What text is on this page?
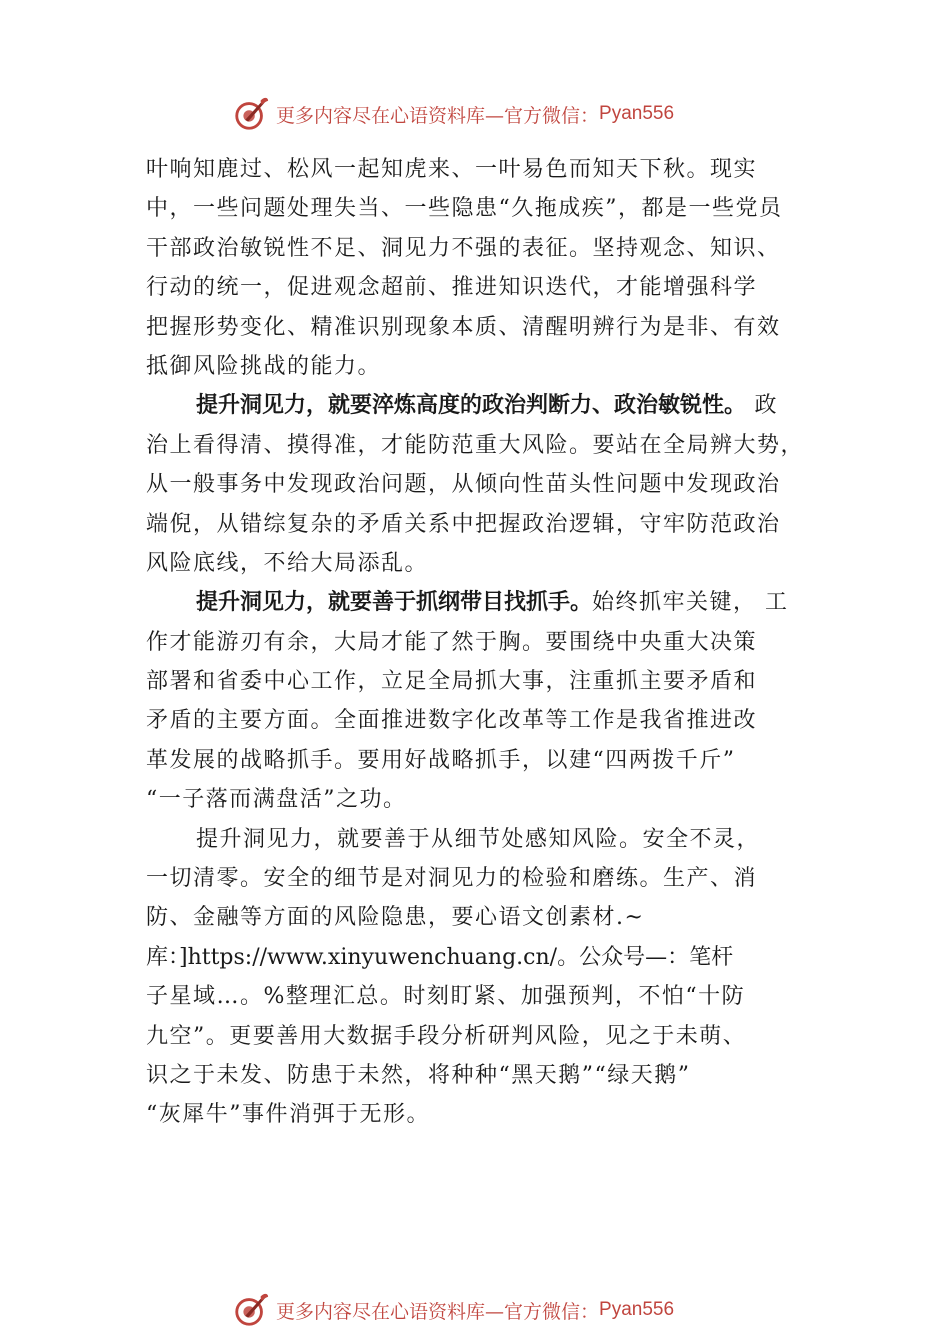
更多内容尽在心语资料库—官方微信： Pyan556
叶响知鹿过、松风一起知虎来、一叶易色而知天下秋。现实
中，一些问题处理失当、一些隐患“久拖成疾”，都是一些党员
干部政治敏锐性不足、洞见力不强的表征。坚持观念、知识、
行动的统一，促进观念超前、推进知识迭代，才能增强科学
把握形势变化、精准识别现象本质、清醒明辨行为是非、有效
抵御风险挑战的能力。
提升洞见力，就要淬炼高度的政治判断力、政治敏锐性。 政
治上看得清、摸得准，才能防范重大风险。要站在全局辨大势，
从一般事务中发现政治问题，从倾向性苗头性问题中发现政治
端倪，从错综复杂的矛盾关系中把握政治逻辑，守牢防范政治
风险底线，不给大局添乱。
提升洞见力，就要善于抓纲带目找抓手。始终抓牢关键， 工
作才能游刃有余，大局才能了然于胸。要围绕中央重大决策
部署和省委中心工作，立足全局抓大事，注重抓主要矛盾和
矛盾的主要方面。全面推进数字化改革等工作是我省推进改
革发展的战略抓手。要用好战略抓手，以建“四两拨千斤”
“一子落而满盘活”之功。
提升洞见力，就要善于从细节处感知风险。安全不灵，
一切清零。安全的细节是对洞见力的检验和磨练。生产、消
防、金融等方面的风险隐患，要心语文创素材.~
库：]https://www.xinyuwenchuang.cn/。公众号—：笔杆
子星域…。%整理汇总。时刻盯紧、加强预判，不怕“十防
九空”。更要善用大数据手段分析研判风险，见之于未萌、
识之于未发、防患于未然，将种种“黑天鹅”“绿天鹅”
“灰犀牛”事件消弭于无形。
更多内容尽在心语资料库—官方微信： Pyan556
